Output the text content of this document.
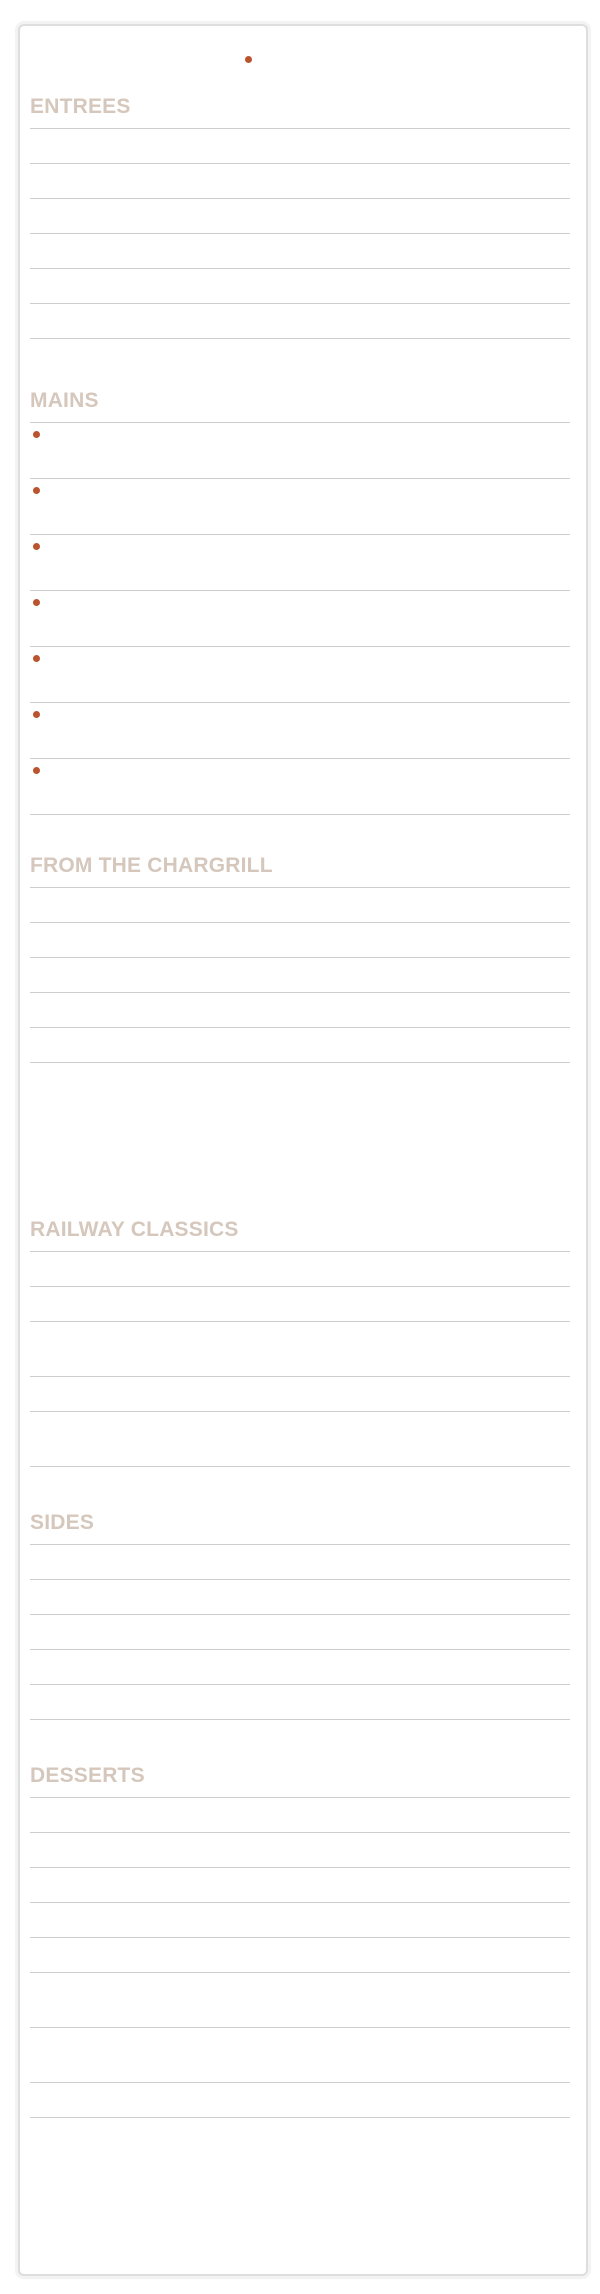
ENTREES
MAINS
FROM THE CHARGRILL
RAILWAY CLASSICS
SIDES
DESSERTS
